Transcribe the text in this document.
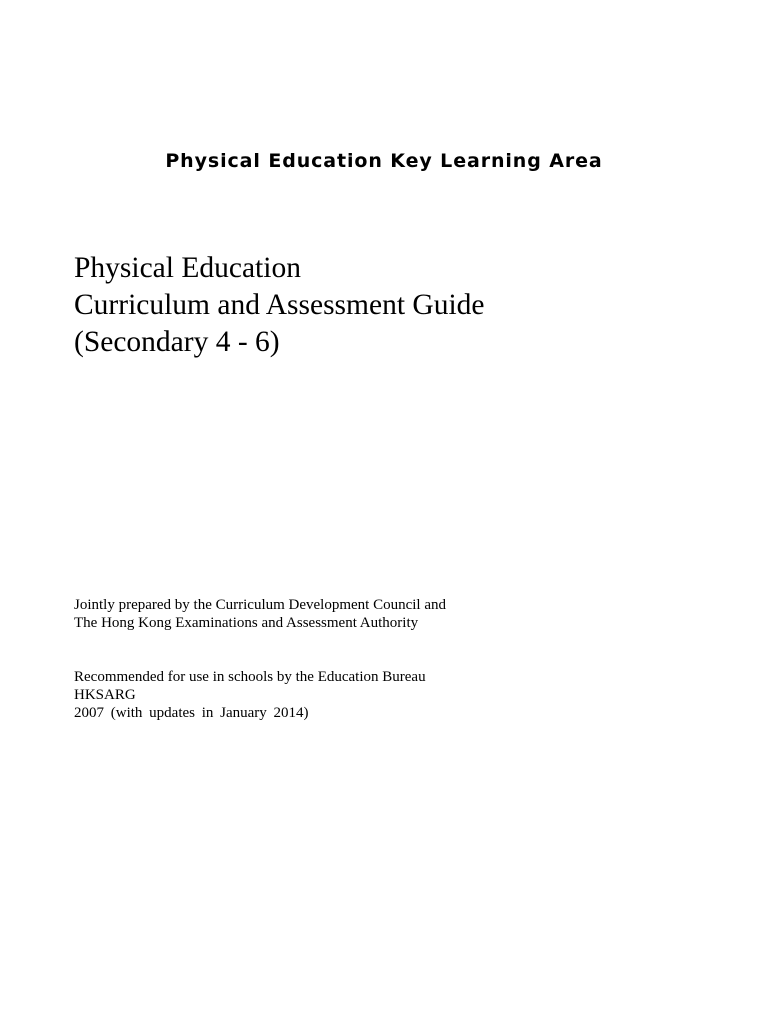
Physical Education Key Learning Area
Physical Education
Curriculum and Assessment Guide
(Secondary 4 - 6)
Jointly prepared by the Curriculum Development Council and
The Hong Kong Examinations and Assessment Authority
Recommended for use in schools by the Education Bureau
HKSARG
2007 (with updates in January 2014)
